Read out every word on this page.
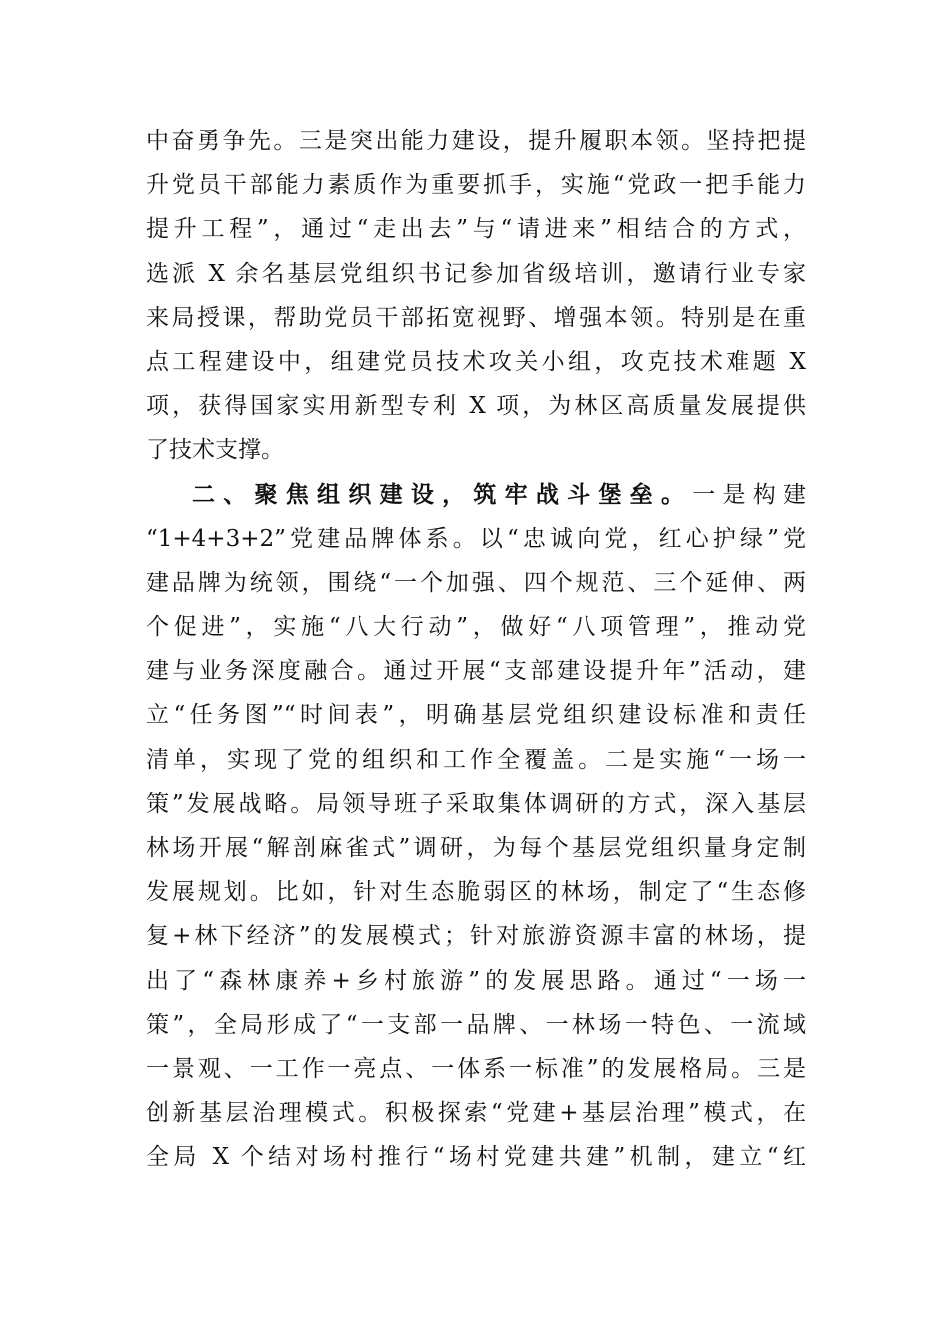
中奋勇争先。三是突出能力建设，提升履职本领。坚持把提
升党员干部能力素质作为重要抓手，实施“党政一把手能力
提升工程”，通过“走出去”与“请进来”相结合的方式，
选派 X 余名基层党组织书记参加省级培训，邀请行业专家
来局授课，帮助党员干部拓宽视野、增强本领。特别是在重
点工程建设中，组建党员技术攻关小组，攻克技术难题 X
项，获得国家实用新型专利 X 项，为林区高质量发展提供
了技术支撑。
二、聚焦组织建设，筑牢战斗堡垒。一是构建
“1+4+3+2”党建品牌体系。以“忠诚向党，红心护绿”党
建品牌为统领，围绕“一个加强、四个规范、三个延伸、两
个促进”，实施“八大行动”，做好“八项管理”，推动党
建与业务深度融合。通过开展“支部建设提升年”活动，建
立“任务图”“时间表”，明确基层党组织建设标准和责任
清单，实现了党的组织和工作全覆盖。二是实施“一场一
策”发展战略。局领导班子采取集体调研的方式，深入基层
林场开展“解剖麻雀式”调研，为每个基层党组织量身定制
发展规划。比如，针对生态脆弱区的林场，制定了“生态修
复+林下经济”的发展模式；针对旅游资源丰富的林场，提
出了“森林康养+乡村旅游”的发展思路。通过“一场一
策”，全局形成了“一支部一品牌、一林场一特色、一流域
一景观、一工作一亮点、一体系一标准”的发展格局。三是
创新基层治理模式。积极探索“党建+基层治理”模式，在
全局 X 个结对场村推行“场村党建共建”机制，建立“红
